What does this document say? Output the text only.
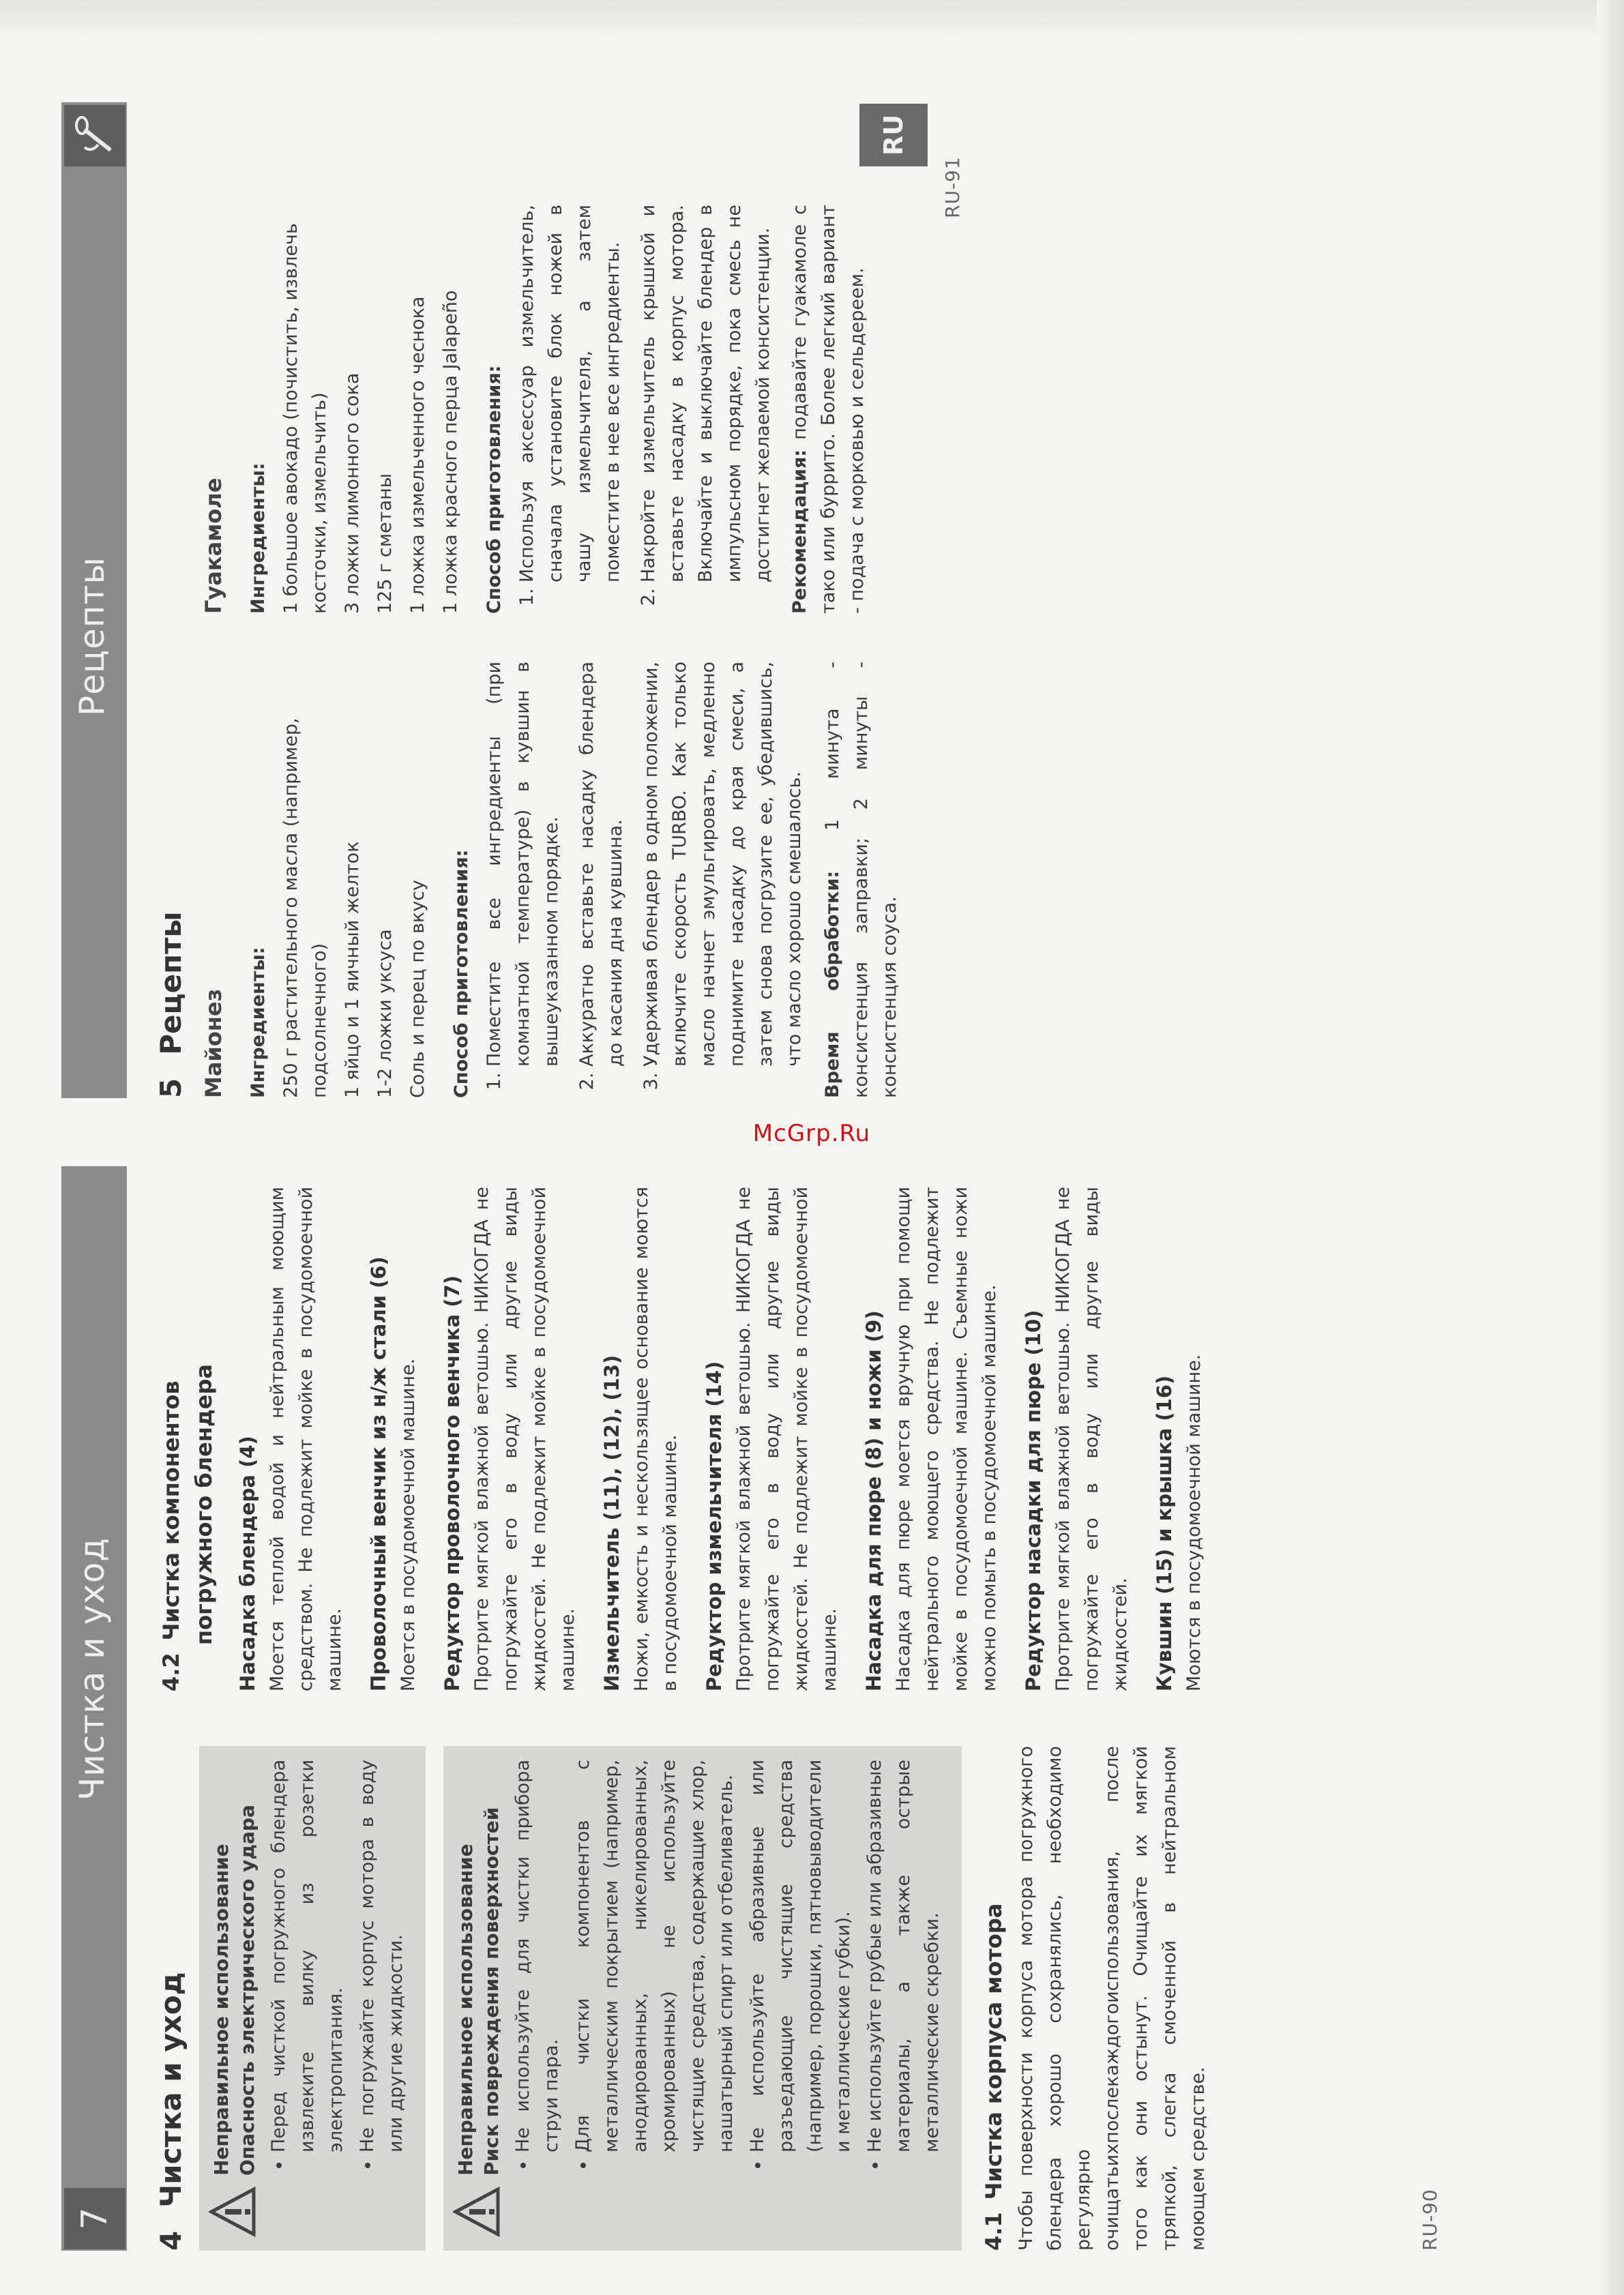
Рецепты
RU
RU-91
5
Рецепты Майонез Ингредиенты: 250 г растительного масла (например, подсолнечного) 1 яйцо и 1 яичный желток 1-2 ложки уксуса Соль и перец по вкусу Способ приготовления: 1. Поместите все ингредиенты (при комнатной температуре) в кувшин в вышеуказанном порядке. 2. Аккуратно вставьте насадку блендера до касания дна кувшина. 3. Удерживая блендер в одном положении, включите скорость TURBO. Как только масло начнет эмульгировать, медленно поднимите насадку до края смеси, а затем снова погрузите ее, убедившись, что масло хорошо смешалось. Время обработки: 1 минута - консистенция заправки; 2 минуты - консистенция соуса.

Гуакамоле Ингредиенты: 1 большое авокадо (почистить, извлечь косточки, измельчить) 3 ложки лимонного сока 125 г сметаны 1 ложка измельченного чеснока 1 ложка красного перца Jalapeño Способ приготовления: 1. Используя аксессуар измельчитель, сначала установите блок ножей в чашу измельчителя, а затем поместите в нее все ингредиенты. 2. Накройте измельчитель крышкой и вставьте насадку в корпус мотора. Включайте и выключайте блендер в импульсном порядке, пока смесь не достигнет желаемой консистенции. Рекомендация: подавайте гуакамоле с тако или буррито. Более легкий вариант - подача с морковью и сельдереем.

McGrp.Ru
7
Чистка и уход
RU-90
4
Чистка и уход Неправильное использование Опасность электрического удара • Перед чисткой погружного блендера извлеките вилку из розетки электропитания. • Не погружайте корпус мотора в воду или другие жидкости.	Неправильное использование Риск повреждения поверхностей • Не используйте для чистки прибора струи пара. • Для чистки компонентов с металлическим покрытием (например, анодированных, никелированных, хромированных) не используйте чистящие средства, содержащие хлор, нашатырный спирт или отбеливатель. • Не используйте абразивные или разъедающие чистящие средства (например, порошки, пятновыводители и металлические губки). • Не используйте грубые или абразивные материалы, а также острые металлические скребки.
4.1
Чистка корпуса мотора Чтобы поверхности корпуса мотора погружного блендера хорошо сохранялись, необходимо регулярно очищатьихпослекаждогоиспользования, после того как они остынут. Очищайте их мягкой тряпкой, слегка смоченной в нейтральном моющем средстве.

4.2
Чистка компонентов погружного блендера Насадка блендера (4) Моется теплой водой и нейтральным моющим средством. Не подлежит мойке в посудомоечной машине. Проволочный венчик из н/ж стали (6) Моется в посудомоечной машине. Редуктор проволочного венчика (7) Протрите мягкой влажной ветошью. НИКОГДА не погружайте его в воду или другие виды жидкостей. Не подлежит мойке в посудомоечной машине. Измельчитель (11), (12), (13) Ножи, емкость и нескользящее основание моются в посудомоечной машине. Редуктор измельчителя (14) Протрите мягкой влажной ветошью. НИКОГДА не погружайте его в воду или другие виды жидкостей. Не подлежит мойке в посудомоечной машине. Насадка для пюре (8) и ножи (9) Насадка для пюре моется вручную при помощи нейтрального моющего средства. Не подлежит мойке в посудомоечной машине. Съемные ножи можно помыть в посудомоечной машине. Редуктор насадки для пюре (10) Протрите мягкой влажной ветошью. НИКОГДА не погружайте его в воду или другие виды жидкостей. Кувшин (15) и крышка (16) Моются в посудомоечной машине.
